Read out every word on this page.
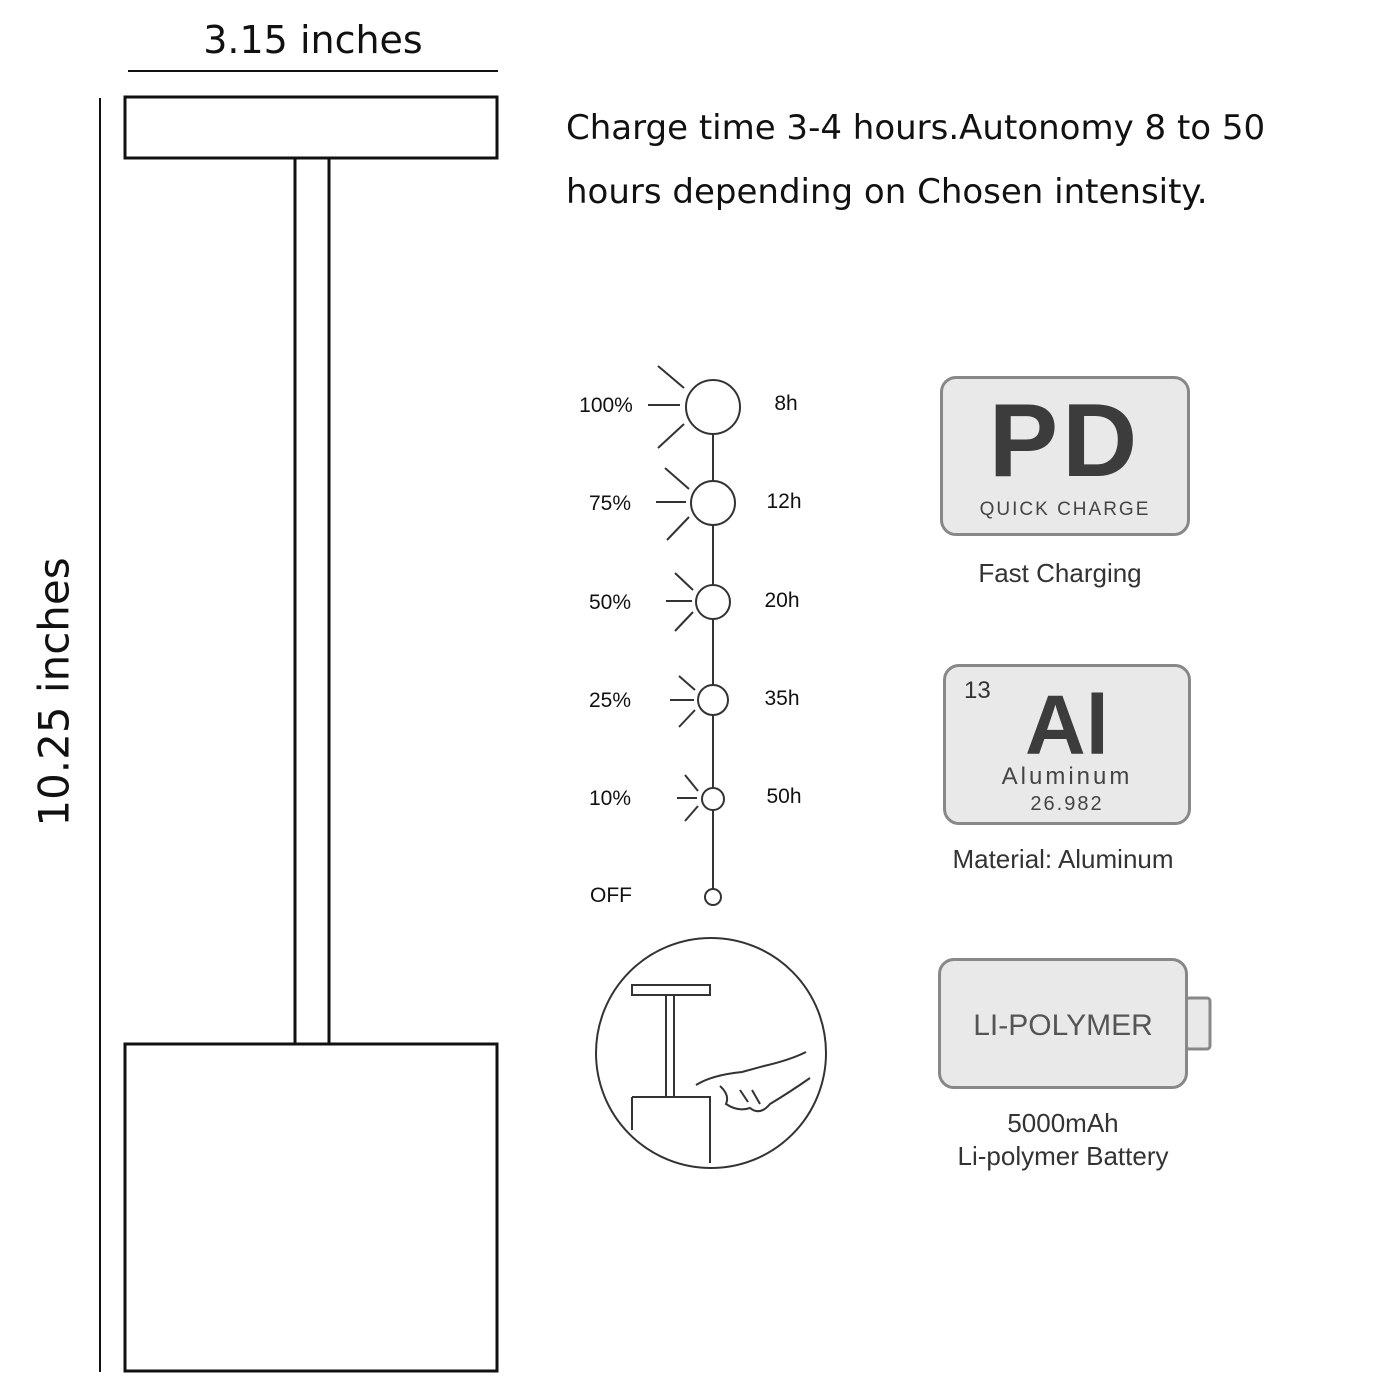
3.15 inches
10.25 inches

Charge time 3-4 hours.Autonomy 8 to 50 hours depending on Chosen intensity.

100%	8h
75%	12h
50%	20h
25%	35h
10%	50h
OFF
PD
QUICK CHARGE
Fast Charging
13 Al
Aluminum
26.982
Material: Aluminum
LI-POLYMER
5000mAh
Li-polymer Battery
